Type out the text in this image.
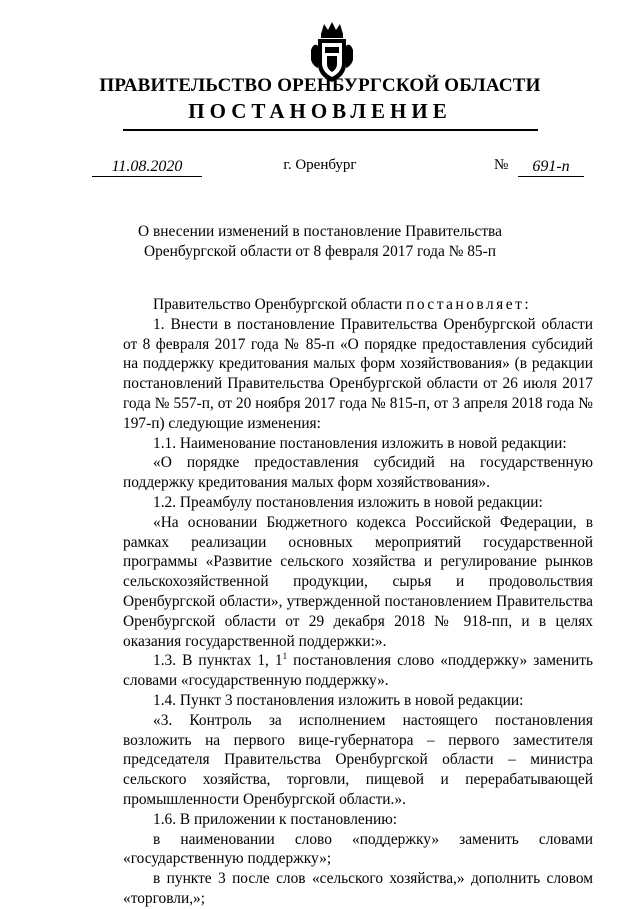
ПРАВИТЕЛЬСТВО ОРЕНБУРГСКОЙ ОБЛАСТИ
ПОСТАНОВЛЕНИЕ
11.08.2020	г. Оренбург	№	691-п
О внесении изменений в постановление Правительства Оренбургской области от 8 февраля 2017 года № 85-п

Правительство Оренбургской области постановляет:

1. Внести в постановление Правительства Оренбургской области от 8 февраля 2017 года № 85-п «О порядке предоставления субсидий на поддержку кредитования малых форм хозяйствования» (в редакции постановлений Правительства Оренбургской области от 26 июля 2017 года № 557-п, от 20 ноября 2017 года № 815-п, от 3 апреля 2018 года № 197-п) следующие изменения:

1.1. Наименование постановления изложить в новой редакции:

«О порядке предоставления субсидий на государственную поддержку кредитования малых форм хозяйствования».

1.2. Преамбулу постановления изложить в новой редакции:

«На основании Бюджетного кодекса Российской Федерации, в рамках реализации основных мероприятий государственной программы «Развитие сельского хозяйства и регулирование рынков сельскохозяйственной продукции, сырья и продовольствия Оренбургской области», утвержденной постановлением Правительства Оренбургской области от 29 декабря 2018 № 918-пп, и в целях оказания государственной поддержки:».

1.3. В пунктах 1, $1^1$ постановления слово «поддержку» заменить словами «государственную поддержку».

1.4. Пункт 3 постановления изложить в новой редакции:

«3. Контроль за исполнением настоящего постановления возложить на первого вице-губернатора – первого заместителя председателя Правительства Оренбургской области – министра сельского хозяйства, торговли, пищевой и перерабатывающей промышленности Оренбургской области.».

1.6. В приложении к постановлению:

в наименовании слово «поддержку» заменить словами «государственную поддержку»;

в пункте 3 после слов «сельского хозяйства,» дополнить словом «торговли,»;
